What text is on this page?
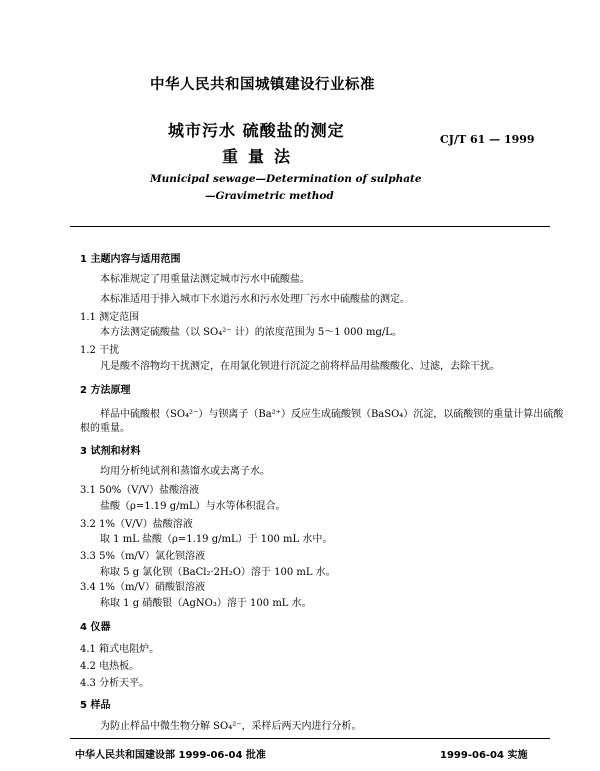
中华人民共和国城镇建设行业标准
城市污水 硫酸盐的测定
重量法
CJ/T 61 — 1999
Municipal sewage—Determination of sulphate
—Gravimetric method
1 主题内容与适用范围
本标准规定了用重量法测定城市污水中硫酸盐。
本标准适用于排入城市下水道污水和污水处理厂污水中硫酸盐的测定。
1.1 测定范围
本方法测定硫酸盐（以 SO₄²⁻ 计）的浓度范围为 5～1 000 mg/L。
1.2 干扰
凡是酸不溶物均干扰测定，在用氯化钡进行沉淀之前将样品用盐酸酸化、过滤，去除干扰。
2 方法原理
样品中硫酸根（SO₄²⁻）与钡离子（Ba²⁺）反应生成硫酸钡（BaSO₄）沉淀，以硫酸钡的重量计算出硫酸
根的重量。
3 试剂和材料
均用分析纯试剂和蒸馏水或去离子水。
3.1 50%（V/V）盐酸溶液
盐酸（ρ=1.19 g/mL）与水等体积混合。
3.2 1%（V/V）盐酸溶液
取 1 mL 盐酸（ρ=1.19 g/mL）于 100 mL 水中。
3.3 5%（m/V）氯化钡溶液
称取 5 g 氯化钡（BaCl₂·2H₂O）溶于 100 mL 水。
3.4 1%（m/V）硝酸银溶液
称取 1 g 硝酸银（AgNO₃）溶于 100 mL 水。
4 仪器
4.1 箱式电阻炉。
4.2 电热板。
4.3 分析天平。
5 样品
为防止样品中微生物分解 SO₄²⁻，采样后两天内进行分析。
中华人民共和国建设部 1999-06-04 批准	1999-06-04 实施
